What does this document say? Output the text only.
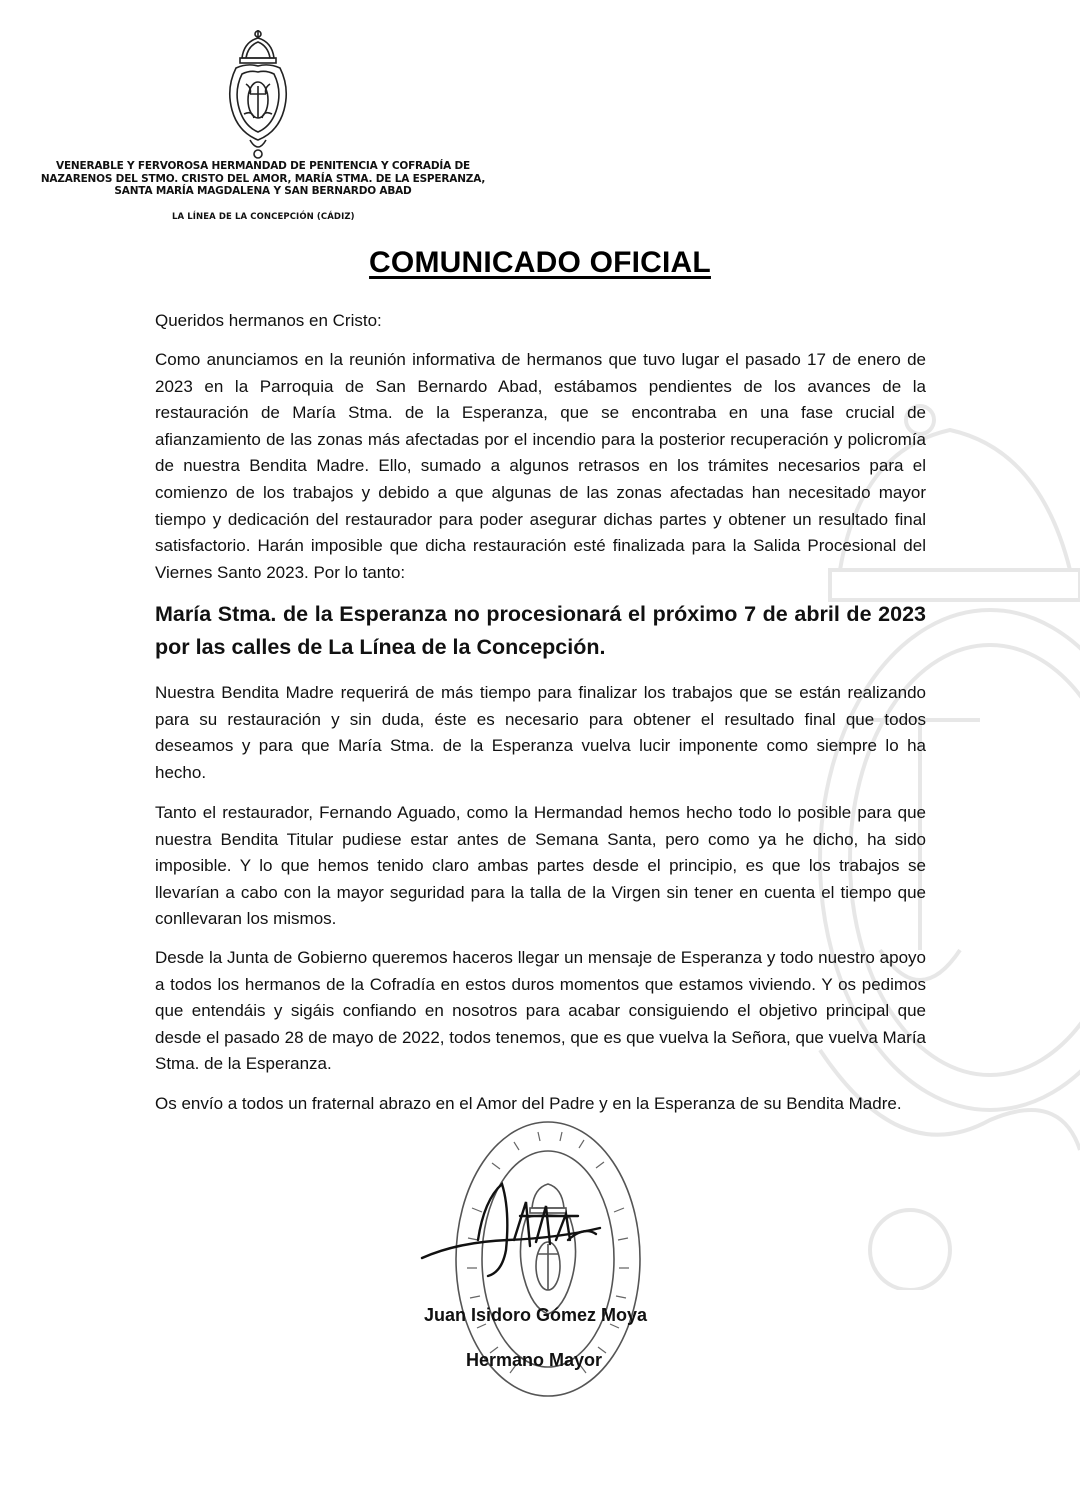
VENERABLE Y FERVOROSA HERMANDAD DE PENITENCIA Y COFRADÍA DE
NAZARENOS DEL STMO. CRISTO DEL AMOR, MARÍA STMA. DE LA ESPERANZA,
SANTA MARÍA MAGDALENA Y SAN BERNARDO ABAD
LA LÍNEA DE LA CONCEPCIÓN (CÁDIZ)
COMUNICADO OFICIAL
Queridos hermanos en Cristo:
Como anunciamos en la reunión informativa de hermanos que tuvo lugar el pasado 17 de enero de 2023 en la Parroquia de San Bernardo Abad, estábamos pendientes de los avances de la restauración de María Stma. de la Esperanza, que se encontraba en una fase crucial de afianzamiento de las zonas más afectadas por el incendio para la posterior recuperación y policromía de nuestra Bendita Madre. Ello, sumado a algunos retrasos en los trámites necesarios para el comienzo de los trabajos y debido a que algunas de las zonas afectadas han necesitado mayor tiempo y dedicación del restaurador para poder asegurar dichas partes y obtener un resultado final satisfactorio. Harán imposible que dicha restauración esté finalizada para la Salida Procesional del Viernes Santo 2023. Por lo tanto:
María Stma. de la Esperanza no procesionará el próximo 7 de abril de 2023 por las calles de La Línea de la Concepción.
Nuestra Bendita Madre requerirá de más tiempo para finalizar los trabajos que se están realizando para su restauración y sin duda, éste es necesario para obtener el resultado final que todos deseamos y para que María Stma. de la Esperanza vuelva lucir imponente como siempre lo ha hecho.
Tanto el restaurador, Fernando Aguado, como la Hermandad hemos hecho todo lo posible para que nuestra Bendita Titular pudiese estar antes de Semana Santa, pero como ya he dicho, ha sido imposible. Y lo que hemos tenido claro ambas partes desde el principio, es que los trabajos se llevarían a cabo con la mayor seguridad para la talla de la Virgen sin tener en cuenta el tiempo que conllevaran los mismos.
Desde la Junta de Gobierno queremos haceros llegar un mensaje de Esperanza y todo nuestro apoyo a todos los hermanos de la Cofradía en estos duros momentos que estamos viviendo. Y os pedimos que entendáis y sigáis confiando en nosotros para acabar consiguiendo el objetivo principal que desde el pasado 28 de mayo de 2022, todos tenemos, que es que vuelva la Señora, que vuelva María Stma. de la Esperanza.
Os envío a todos un fraternal abrazo en el Amor del Padre y en la Esperanza de su Bendita Madre.
Juan Isidoro Gómez Moya
Hermano Mayor
